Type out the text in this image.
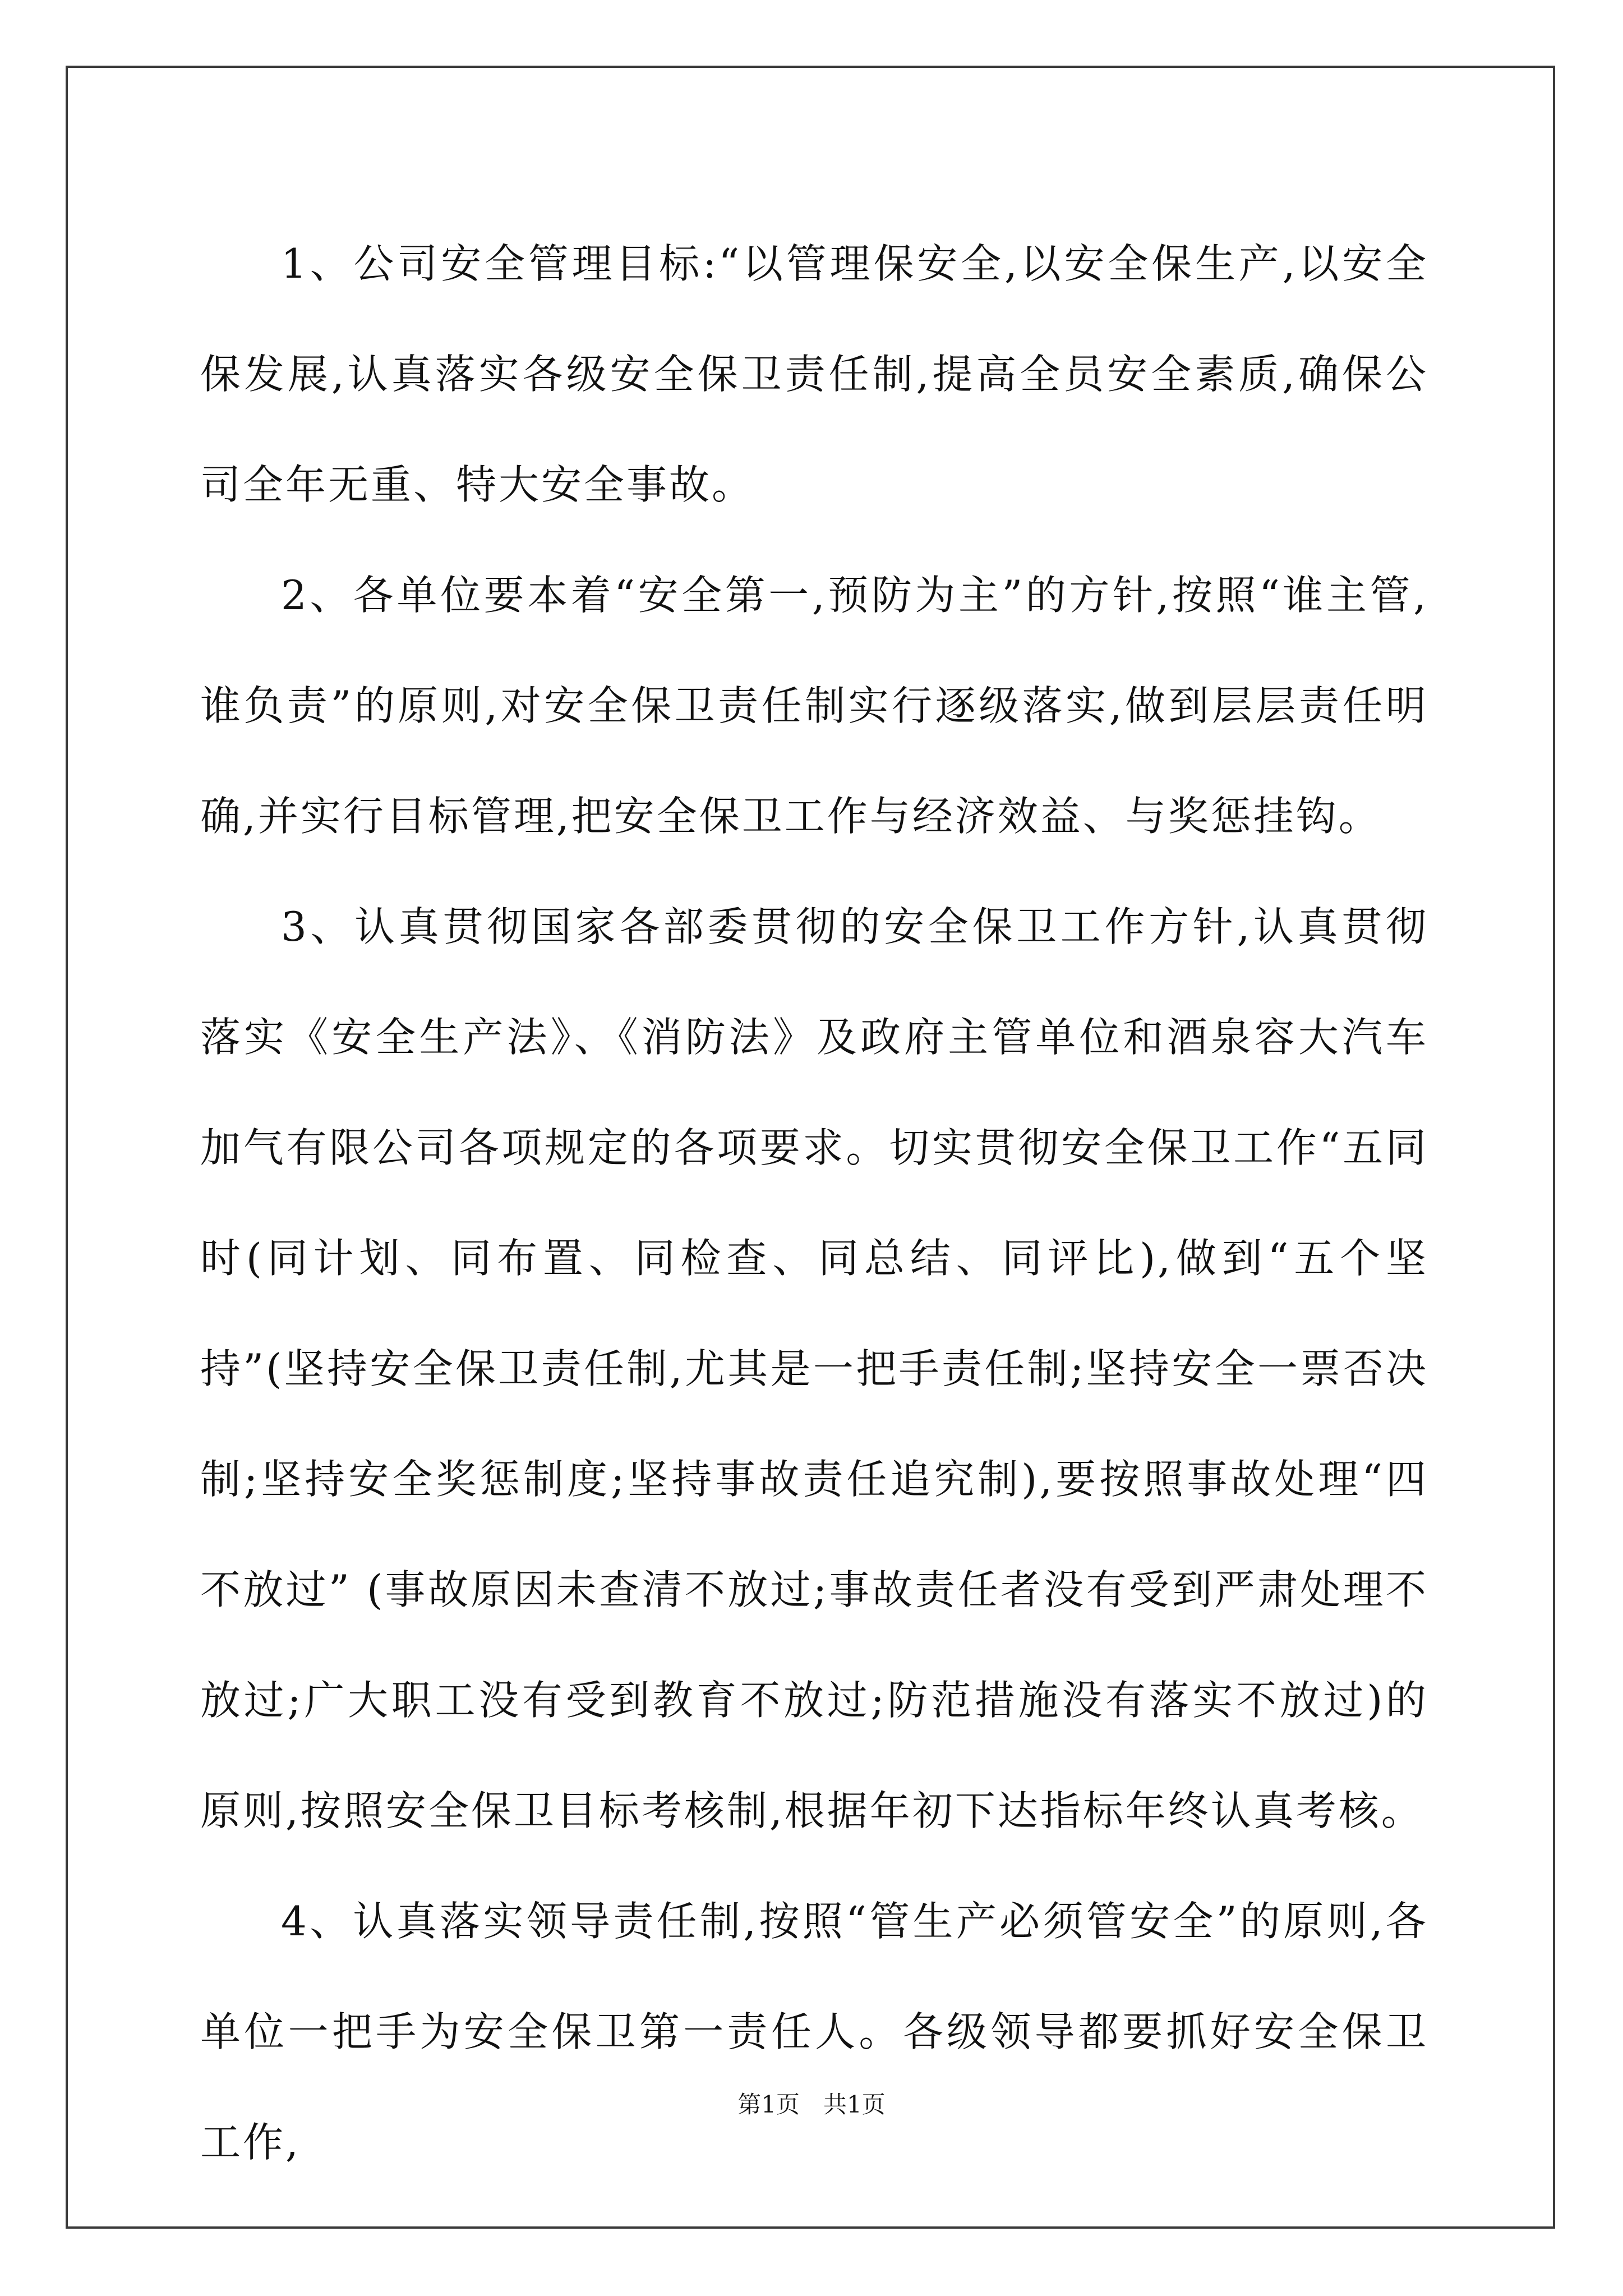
1、公司安全管理目标:“以管理保安全,以安全保生产,以安全保发展,认真落实各级安全保卫责任制,提高全员安全素质,确保公司全年无重、特大安全事故。

2、各单位要本着“安全第一,预防为主”的方针,按照“谁主管,谁负责”的原则,对安全保卫责任制实行逐级落实,做到层层责任明确,并实行目标管理,把安全保卫工作与经济效益、与奖惩挂钩。

3、认真贯彻国家各部委贯彻的安全保卫工作方针,认真贯彻落实《安全生产法》、《消防法》及政府主管单位和酒泉容大汽车加气有限公司各项规定的各项要求。切实贯彻安全保卫工作“五同时(同计划、同布置、同检查、同总结、同评比),做到“五个坚持”(坚持安全保卫责任制,尤其是一把手责任制;坚持安全一票否决制;坚持安全奖惩制度;坚持事故责任追究制),要按照事故处理“四不放过” (事故原因未查清不放过;事故责任者没有受到严肃处理不放过;广大职工没有受到教育不放过;防范措施没有落实不放过)的原则,按照安全保卫目标考核制,根据年初下达指标年终认真考核。

4、认真落实领导责任制,按照“管生产必须管安全”的原则,各单位一把手为安全保卫第一责任人。各级领导都要抓好安全保卫工作,

第1页　共1页
